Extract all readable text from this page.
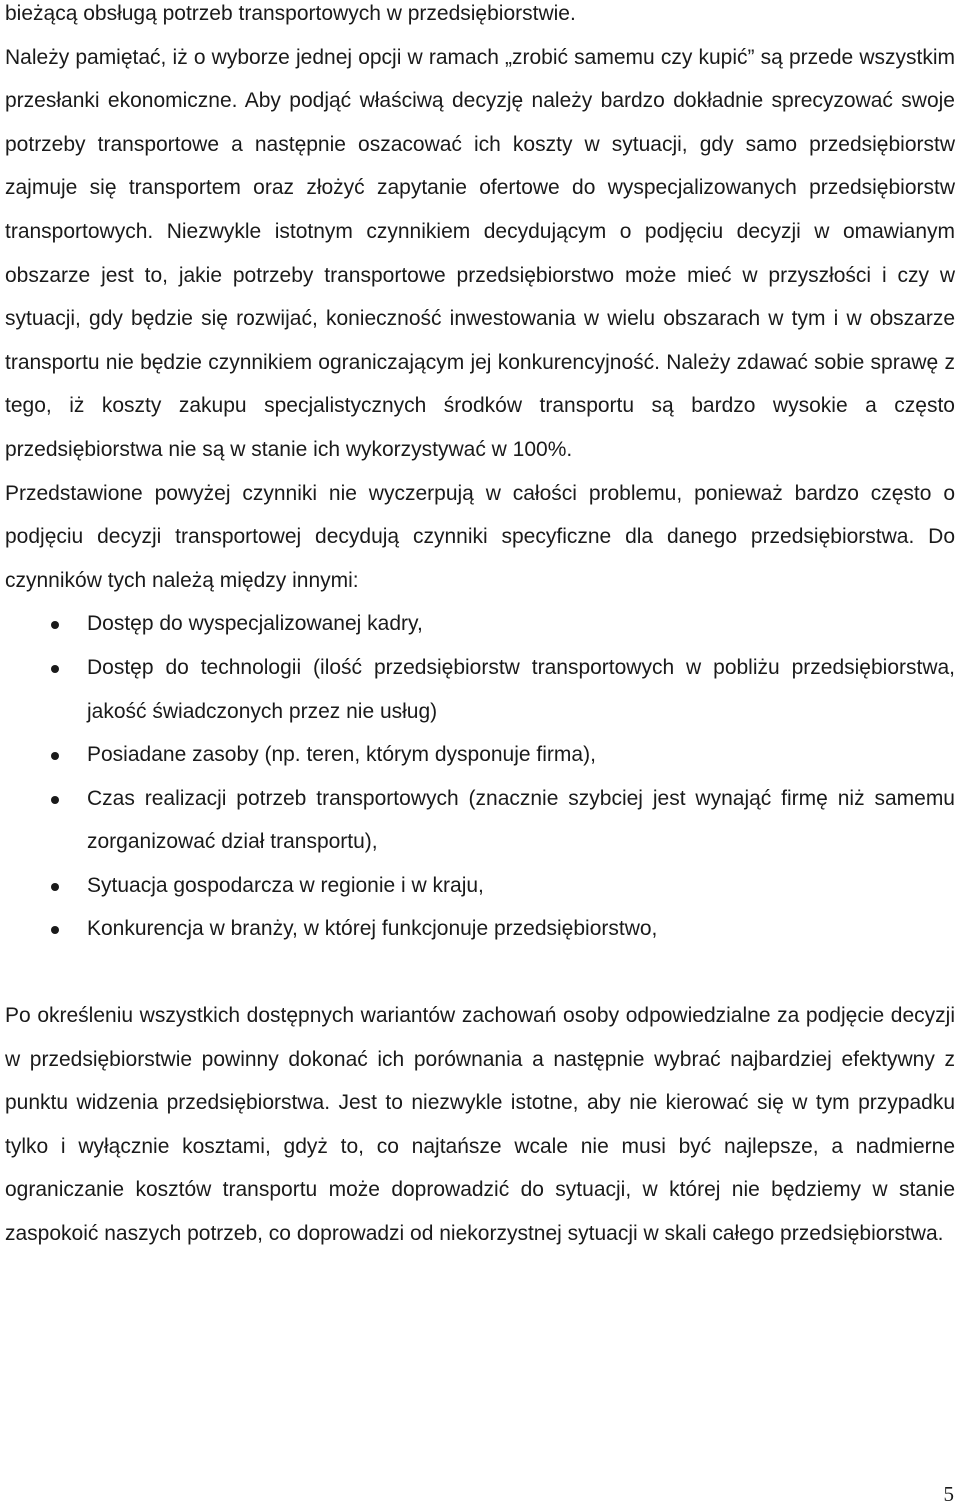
bieżącą obsługą potrzeb transportowych w przedsiębiorstwie.

Należy pamiętać, iż o wyborze jednej opcji w ramach „zrobić samemu czy kupić” są przede wszystkim przesłanki ekonomiczne. Aby podjąć właściwą decyzję należy bardzo dokładnie sprecyzować swoje potrzeby transportowe a następnie oszacować ich koszty w sytuacji, gdy samo przedsiębiorstw zajmuje się transportem oraz złożyć zapytanie ofertowe do wyspecjalizowanych przedsiębiorstw transportowych. Niezwykle istotnym czynnikiem decydującym o podjęciu decyzji w omawianym obszarze jest to, jakie potrzeby transportowe przedsiębiorstwo może mieć w przyszłości i czy w sytuacji, gdy będzie się rozwijać, konieczność inwestowania w wielu obszarach w tym i w obszarze transportu nie będzie czynnikiem ograniczającym jej konkurencyjność. Należy zdawać sobie sprawę z tego, iż koszty zakupu specjalistycznych środków transportu są bardzo wysokie a często przedsiębiorstwa nie są w stanie ich wykorzystywać w 100%.

Przedstawione powyżej czynniki nie wyczerpują w całości problemu, ponieważ bardzo często o podjęciu decyzji transportowej decydują czynniki specyficzne dla danego przedsiębiorstwa. Do czynników tych należą między innymi:

Dostęp do wyspecjalizowanej kadry,
Dostęp do technologii (ilość przedsiębiorstw transportowych w pobliżu przedsiębiorstwa, jakość świadczonych przez nie usług)
Posiadane zasoby (np. teren, którym dysponuje firma),
Czas realizacji potrzeb transportowych (znacznie szybciej jest wynająć firmę niż samemu zorganizować dział transportu),
Sytuacja gospodarcza w regionie i w kraju,
Konkurencja w branży, w której funkcjonuje przedsiębiorstwo,

Po określeniu wszystkich dostępnych wariantów zachowań osoby odpowiedzialne za podjęcie decyzji w przedsiębiorstwie powinny dokonać ich porównania a następnie wybrać najbardziej efektywny z punktu widzenia przedsiębiorstwa. Jest to niezwykle istotne, aby nie kierować się w tym przypadku tylko i wyłącznie kosztami, gdyż to, co najtańsze wcale nie musi być najlepsze, a nadmierne ograniczanie kosztów transportu może doprowadzić do sytuacji, w której nie będziemy w stanie zaspokoić naszych potrzeb, co doprowadzi od niekorzystnej sytuacji w skali całego przedsiębiorstwa.

5
